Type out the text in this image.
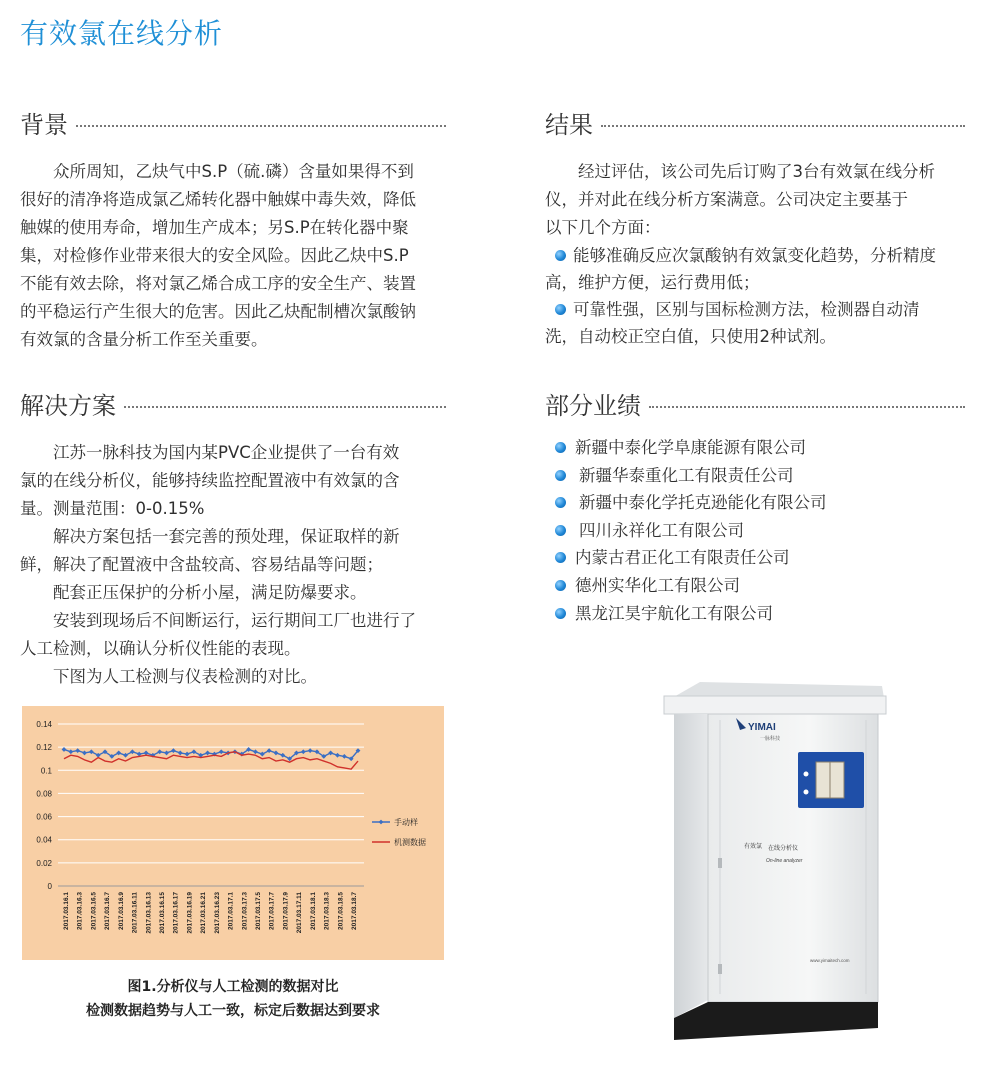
有效氯在线分析
背景

众所周知，乙炔气中S.P（硫.磷）含量如果得不到

很好的清净将造成氯乙烯转化器中触媒中毒失效，降低

触媒的使用寿命，增加生产成本；另S.P在转化器中聚

集，对检修作业带来很大的安全风险。因此乙炔中S.P

不能有效去除，将对氯乙烯合成工序的安全生产、装置

的平稳运行产生很大的危害。因此乙炔配制槽次氯酸钠

有效氯的含量分析工作至关重要。

解决方案

江苏一脉科技为国内某PVC企业提供了一台有效

氯的在线分析仪，能够持续监控配置液中有效氯的含

量。测量范围：0-0.15%

解决方案包括一套完善的预处理，保证取样的新

鲜，解决了配置液中含盐较高、容易结晶等问题；

配套正压保护的分析小屋，满足防爆要求。

安装到现场后不间断运行，运行期间工厂也进行了

人工检测，以确认分析仪性能的表现。

下图为人工检测与仪表检测的对比。

结果

经过评估，该公司先后订购了3台有效氯在线分析

仪，并对此在线分析方案满意。公司决定主要基于

以下几个方面：

能够准确反应次氯酸钠有效氯变化趋势，分析精度
高，维护方便，运行费用低；
可靠性强，区别与国标检测方法，检测器自动清
洗，自动校正空白值，只使用2种试剂。
部分业绩
新疆中泰化学阜康能源有限公司
新疆华泰重化工有限责任公司
新疆中泰化学托克逊能化有限公司
四川永祥化工有限公司
内蒙古君正化工有限责任公司
德州实华化工有限公司
黑龙江昊宇航化工有限公司
0
0.02
0.04
0.06
0.08
0.1
0.12
0.14
2017.03.16.1 2017.03.16.3 2017.03.16.5 2017.03.16.7 2017.03.16.9 2017.03.16.11 2017.03.16.13 2017.03.16.15 2017.03.16.17 2017.03.16.19 2017.03.16.21 2017.03.16.23 2017.03.17.1 2017.03.17.3 2017.03.17.5 2017.03.17.7 2017.03.17.9 2017.03.17.11 2017.03.18.1 2017.03.18.3 2017.03.18.5 2017.03.18.7
手动样
机测数据
图1.分析仪与人工检测的数据对比
检测数据趋势与人工一致，标定后数据达到要求
YIMAI
一脉科技
有效氯 在线分析仪
On-line analyzer
www.yimaitech.com
